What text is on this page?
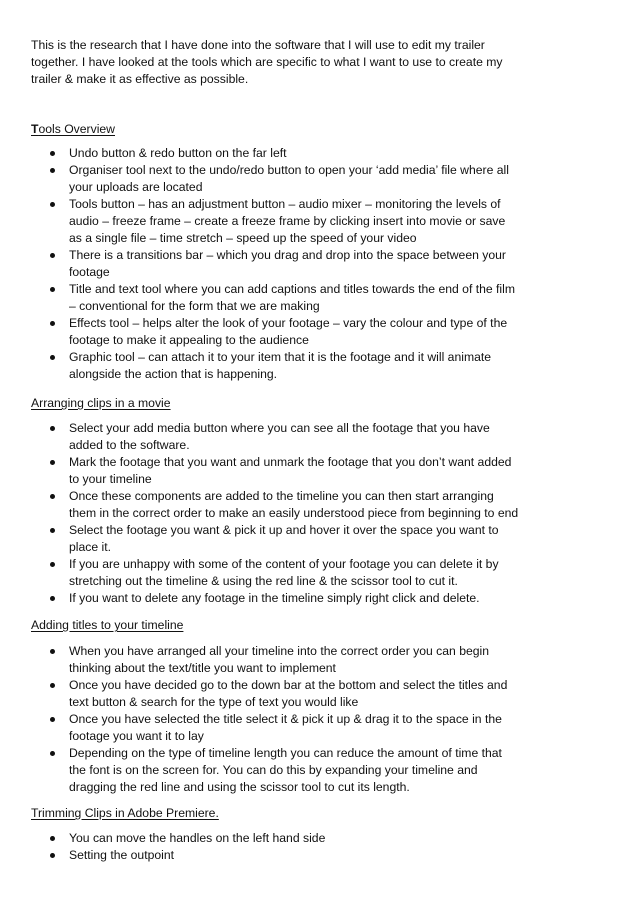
This is the research that I have done into the software that I will use to edit my trailer together. I have looked at the tools which are specific to what I want to use to create my trailer & make it as effective as possible.

Tools Overview

Undo button & redo button on the far left
Organiser tool next to the undo/redo button to open your ‘add media’ file where all your uploads are located
Tools button – has an adjustment button – audio mixer – monitoring the levels of audio – freeze frame – create a freeze frame by clicking insert into movie or save as a single file – time stretch – speed up the speed of your video
There is a transitions bar – which you drag and drop into the space between your footage
Title and text tool where you can add captions and titles towards the end of the film – conventional for the form that we are making
Effects tool – helps alter the look of your footage – vary the colour and type of the footage to make it appealing to the audience
Graphic tool – can attach it to your item that it is the footage and it will animate alongside the action that is happening.

Arranging clips in a movie

Select your add media button where you can see all the footage that you have added to the software.
Mark the footage that you want and unmark the footage that you don’t want added to your timeline
Once these components are added to the timeline you can then start arranging them in the correct order to make an easily understood piece from beginning to end
Select the footage you want & pick it up and hover it over the space you want to place it.
If you are unhappy with some of the content of your footage you can delete it by stretching out the timeline & using the red line & the scissor tool to cut it.
If you want to delete any footage in the timeline simply right click and delete.

Adding titles to your timeline

When you have arranged all your timeline into the correct order you can begin thinking about the text/title you want to implement
Once you have decided go to the down bar at the bottom and select the titles and text button & search for the type of text you would like
Once you have selected the title select it & pick it up & drag it to the space in the footage you want it to lay
Depending on the type of timeline length you can reduce the amount of time that the font is on the screen for. You can do this by expanding your timeline and dragging the red line and using the scissor tool to cut its length.

Trimming Clips in Adobe Premiere.

You can move the handles on the left hand side
Setting the outpoint
